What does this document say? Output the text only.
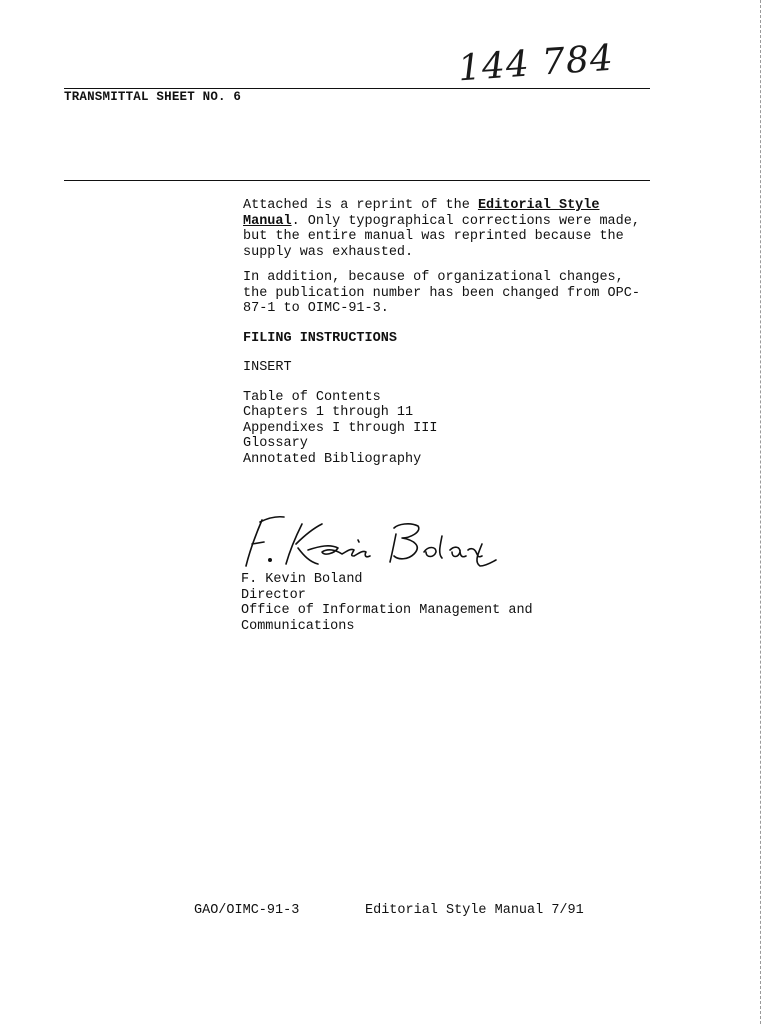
144 784
TRANSMITTAL SHEET NO. 6

Attached is a reprint of the Editorial Style Manual. Only typographical corrections were made, but the entire manual was reprinted because the supply was exhausted.

In addition, because of organizational changes, the publication number has been changed from OPC-87-1 to OIMC-91-3.

FILING INSTRUCTIONS
INSERT
Table of Contents
Chapters 1 through 11
Appendixes I through III
Glossary
Annotated Bibliography
F. Kevin Boland
Director
Office of Information Management and
Communications
GAO/OIMC-91-3	Editorial Style Manual 7/91
